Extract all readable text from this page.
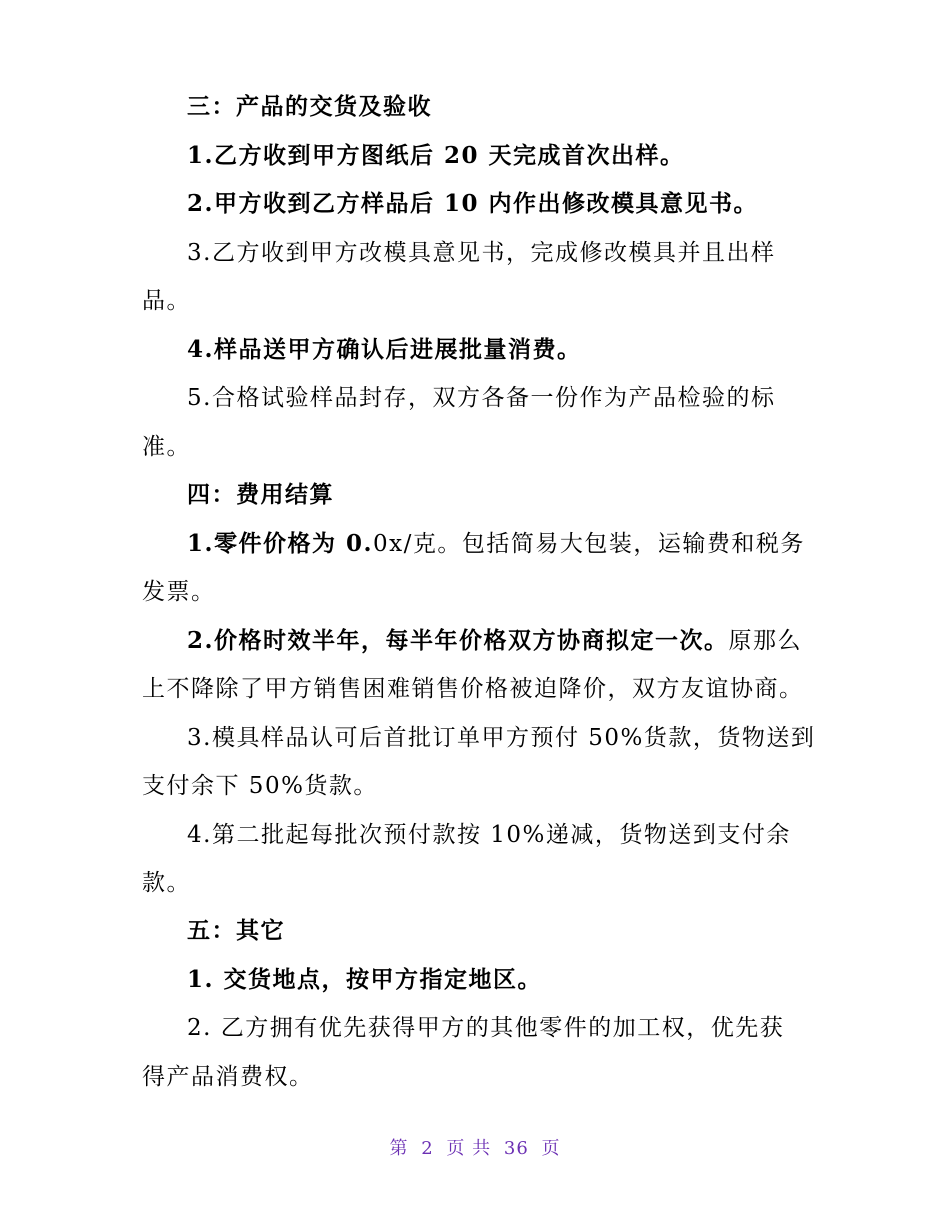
三：产品的交货及验收
1.乙方收到甲方图纸后 20 天完成首次出样。
2.甲方收到乙方样品后 10 内作出修改模具意见书。
3.乙方收到甲方改模具意见书，完成修改模具并且出样
品。
4.样品送甲方确认后进展批量消费。
5.合格试验样品封存，双方各备一份作为产品检验的标
准。
四：费用结算
1.零件价格为 0.0x/克。包括简易大包装，运输费和税务
发票。
2.价格时效半年，每半年价格双方协商拟定一次。原那么
上不降除了甲方销售困难销售价格被迫降价，双方友谊协商。
3.模具样品认可后首批订单甲方预付 50%货款，货物送到
支付余下 50%货款。
4.第二批起每批次预付款按 10%递减，货物送到支付余
款。
五：其它
1. 交货地点，按甲方指定地区。
2. 乙方拥有优先获得甲方的其他零件的加工权，优先获
得产品消费权。
第 2 页 共 36 页
